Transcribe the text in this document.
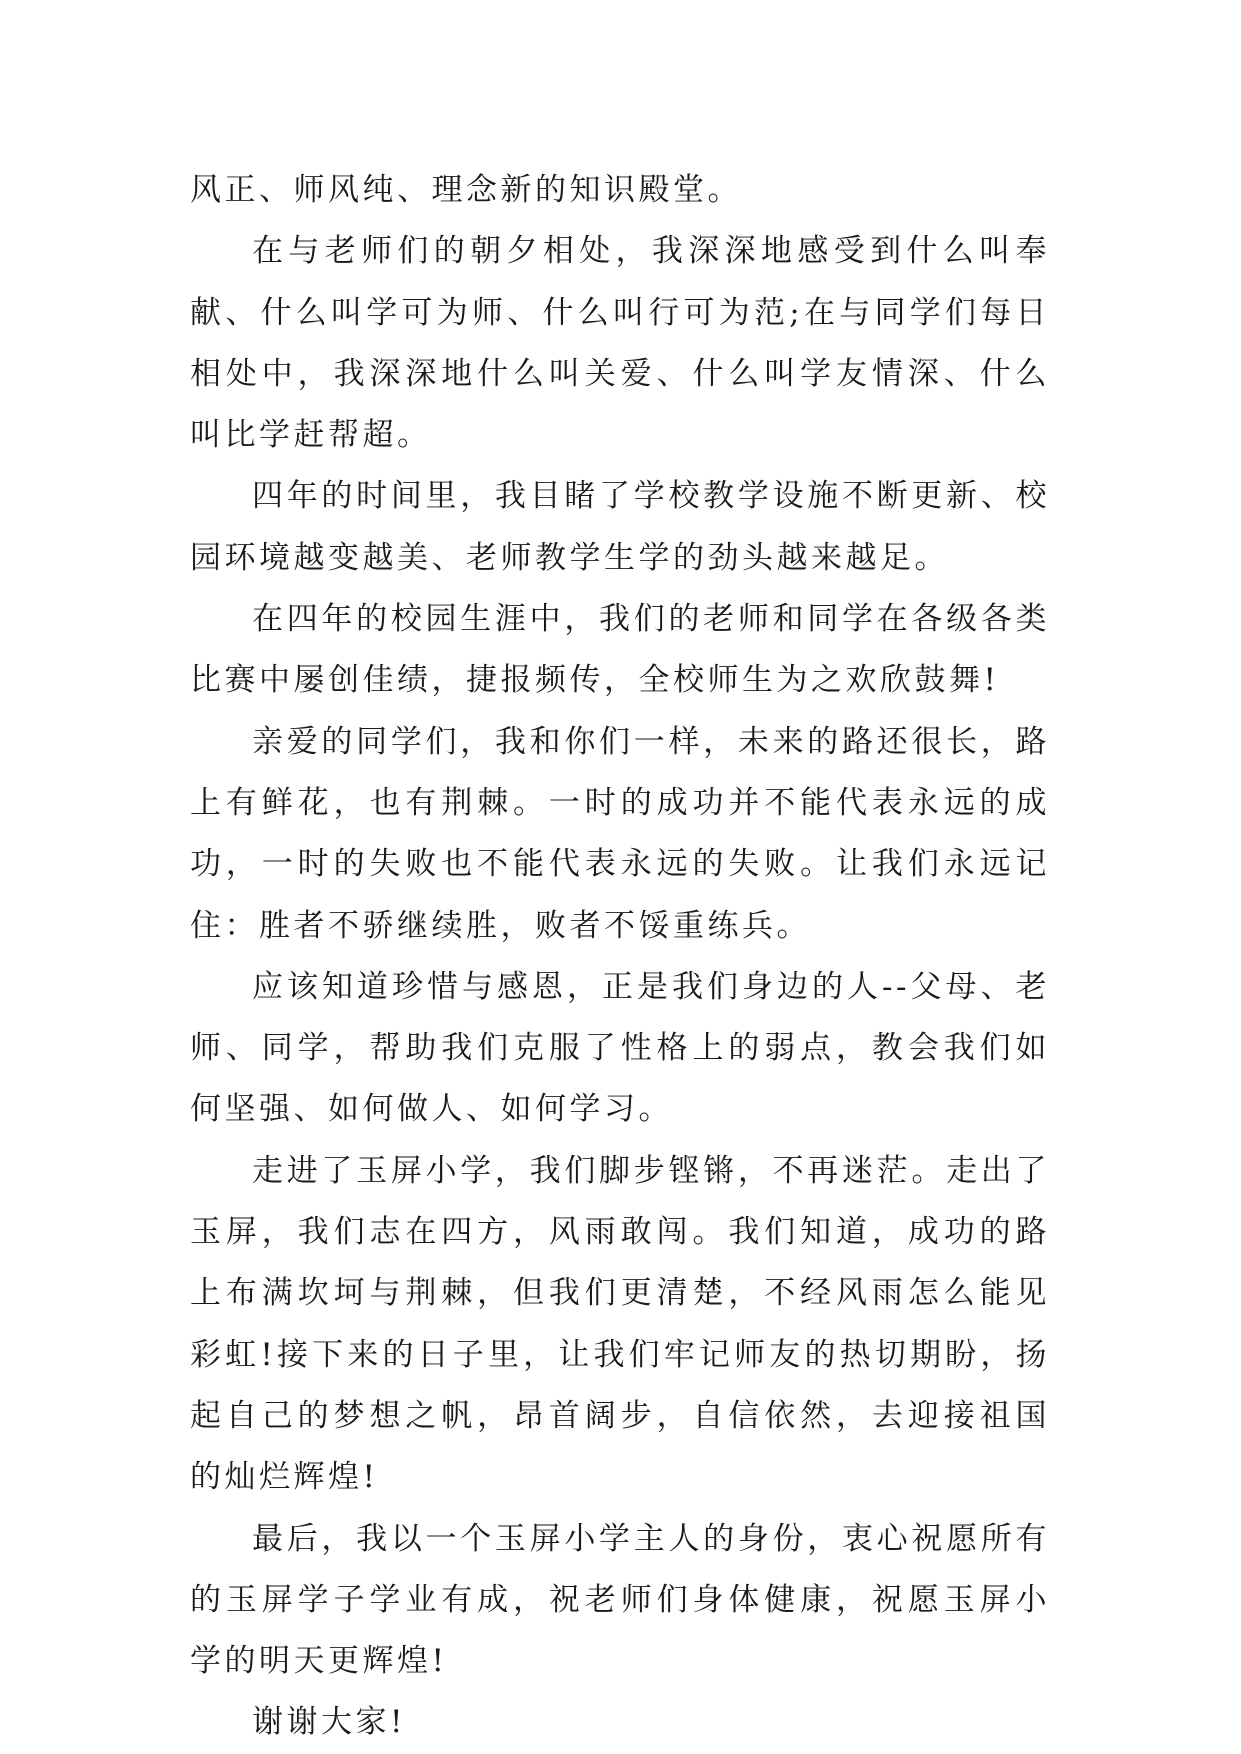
风正、师风纯、理念新的知识殿堂。

在与老师们的朝夕相处，我深深地感受到什么叫奉献、什么叫学可为师、什么叫行可为范;在与同学们每日相处中，我深深地什么叫关爱、什么叫学友情深、什么叫比学赶帮超。

四年的时间里，我目睹了学校教学设施不断更新、校园环境越变越美、老师教学生学的劲头越来越足。

在四年的校园生涯中，我们的老师和同学在各级各类比赛中屡创佳绩，捷报频传，全校师生为之欢欣鼓舞!

亲爱的同学们，我和你们一样，未来的路还很长，路上有鲜花，也有荆棘。一时的成功并不能代表永远的成功，一时的失败也不能代表永远的失败。让我们永远记住：胜者不骄继续胜，败者不馁重练兵。

应该知道珍惜与感恩，正是我们身边的人--父母、老师、同学，帮助我们克服了性格上的弱点，教会我们如何坚强、如何做人、如何学习。

走进了玉屏小学，我们脚步铿锵，不再迷茫。走出了玉屏，我们志在四方，风雨敢闯。我们知道，成功的路上布满坎坷与荆棘，但我们更清楚，不经风雨怎么能见彩虹!接下来的日子里，让我们牢记师友的热切期盼，扬起自己的梦想之帆，昂首阔步，自信依然，去迎接祖国的灿烂辉煌!

最后，我以一个玉屏小学主人的身份，衷心祝愿所有的玉屏学子学业有成，祝老师们身体健康，祝愿玉屏小学的明天更辉煌!

谢谢大家!
